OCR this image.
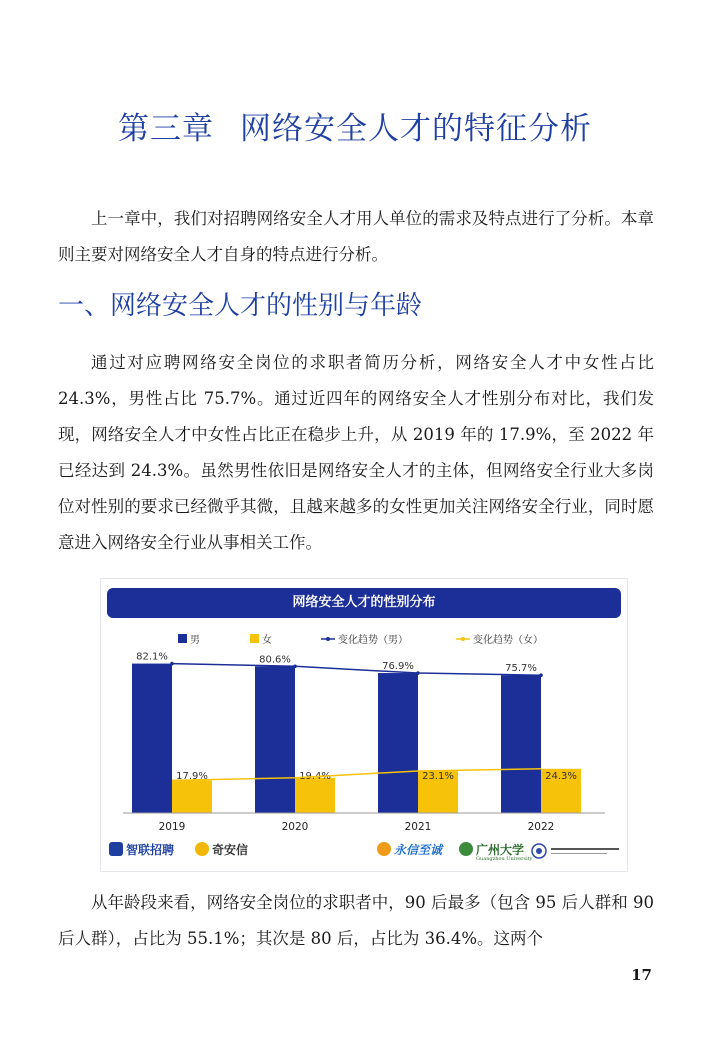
第三章 网络安全人才的特征分析

上一章中，我们对招聘网络安全人才用人单位的需求及特点进行了分析。本章则主要对网络安全人才自身的特点进行分析。

一、网络安全人才的性别与年龄

通过对应聘网络安全岗位的求职者简历分析，网络安全人才中女性占比 24.3%，男性占比 75.7%。通过近四年的网络安全人才性别分布对比，我们发现，网络安全人才中女性占比正在稳步上升，从 2019 年的 17.9%，至 2022 年已经达到 24.3%。虽然男性依旧是网络安全人才的主体，但网络安全行业大多岗位对性别的要求已经微乎其微，且越来越多的女性更加关注网络安全行业，同时愿意进入网络安全行业从事相关工作。

网络安全人才的性别分布
男	女	变化趋势（男）	变化趋势（女）
82.1%
17.9%
2019
80.6%
19.4%
2020
76.9%
23.1%
2021
75.7%
24.3%
2022
智联招聘	奇安信	永信至诚	广州大学
Guangzhou University

从年龄段来看，网络安全岗位的求职者中，90 后最多（包含 95 后人群和 90 后人群），占比为 55.1%；其次是 80 后，占比为 36.4%。这两个

17
